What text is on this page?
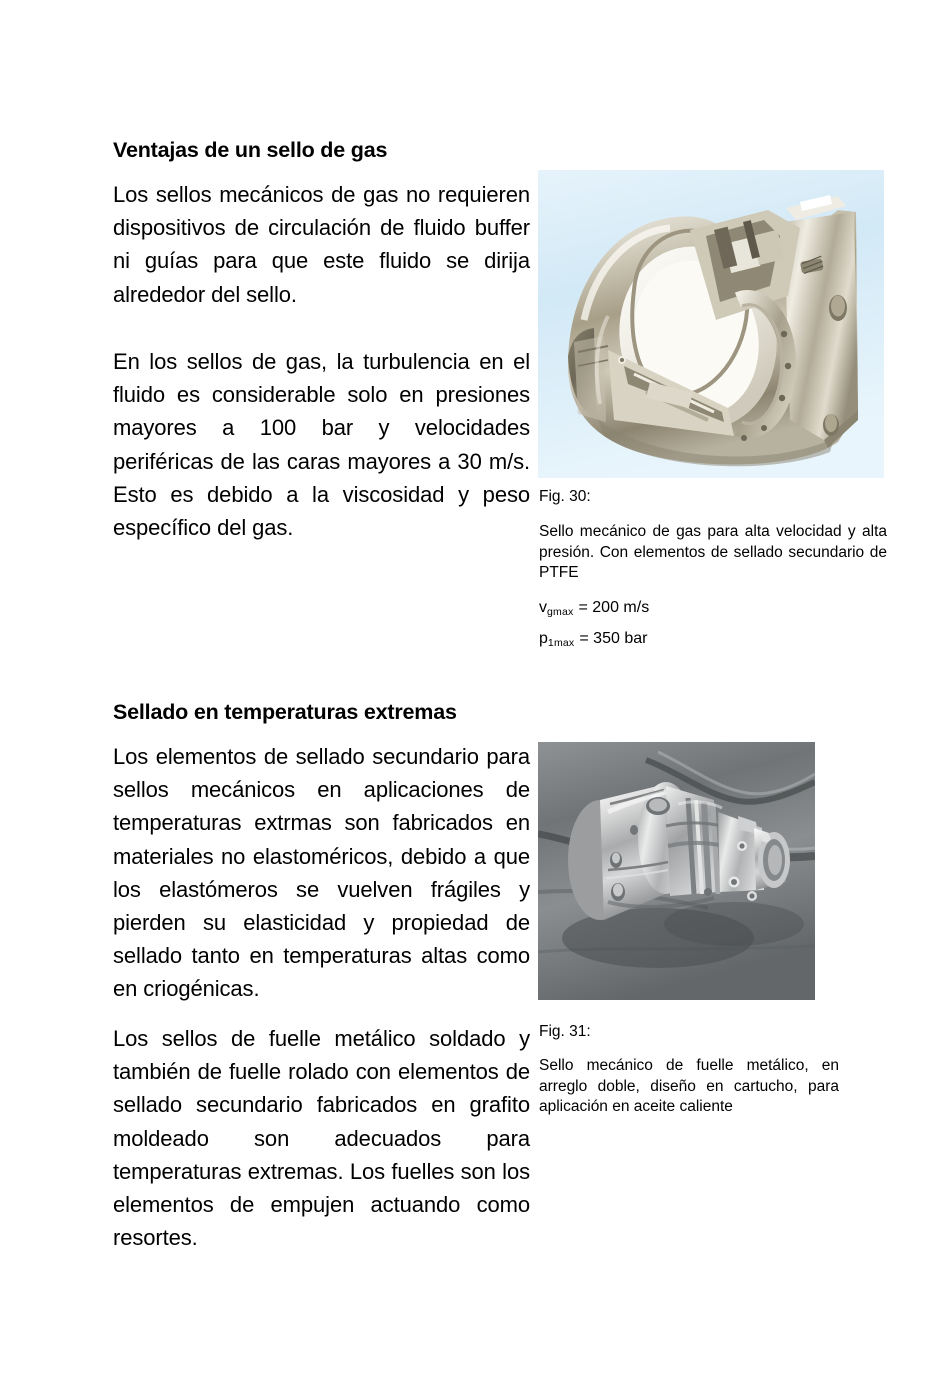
Ventajas de un sello de gas

Los sellos mecánicos de gas no requieren dispositivos de circulación de fluido buffer ni guías para que este fluido se dirija alrededor del sello.

En los sellos de gas, la turbulencia en el fluido es considerable solo en presiones mayores a 100 bar y velocidades periféricas de las caras mayores a 30 m/s. Esto es debido a la viscosidad y peso específico del gas.

Fig. 30:

Sello mecánico de gas para alta velocidad y alta presión. Con elementos de sellado secundario de PTFE

$v_{gmax} = 200$ m/s

$p_{1max} = 350$ bar

Sellado en temperaturas extremas

Los elementos de sellado secundario para sellos mecánicos en aplicaciones de temperaturas extrmas son fabricados en materiales no elastoméricos, debido a que los elastómeros se vuelven frágiles y pierden su elasticidad y propiedad de sellado tanto en temperaturas altas como en criogénicas.

Los sellos de fuelle metálico soldado y también de fuelle rolado con elementos de sellado secundario fabricados en grafito moldeado son adecuados para temperaturas extremas. Los fuelles son los elementos de empujen actuando como resortes.

Fig. 31:

Sello mecánico de fuelle metálico, en arreglo doble, diseño en cartucho, para aplicación en aceite caliente
